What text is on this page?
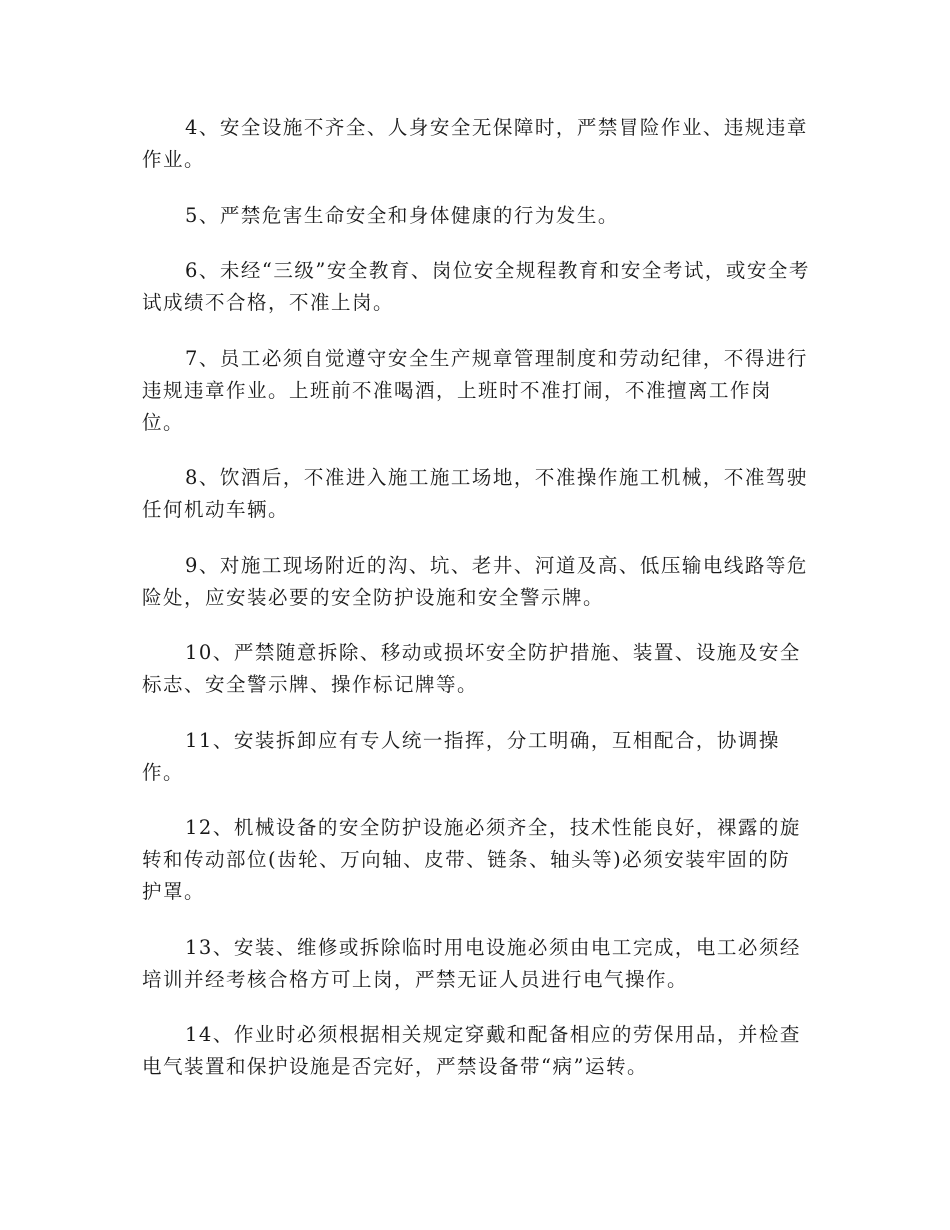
4、安全设施不齐全、人身安全无保障时，严禁冒险作业、违规违章作业。

5、严禁危害生命安全和身体健康的行为发生。

6、未经“三级”安全教育、岗位安全规程教育和安全考试，或安全考试成绩不合格，不准上岗。

7、员工必须自觉遵守安全生产规章管理制度和劳动纪律，不得进行违规违章作业。上班前不准喝酒，上班时不准打闹，不准擅离工作岗位。

8、饮酒后，不准进入施工施工场地，不准操作施工机械，不准驾驶任何机动车辆。

9、对施工现场附近的沟、坑、老井、河道及高、低压输电线路等危险处，应安装必要的安全防护设施和安全警示牌。

10、严禁随意拆除、移动或损坏安全防护措施、装置、设施及安全标志、安全警示牌、操作标记牌等。

11、安装拆卸应有专人统一指挥，分工明确，互相配合，协调操作。

12、机械设备的安全防护设施必须齐全，技术性能良好，裸露的旋转和传动部位(齿轮、万向轴、皮带、链条、轴头等)必须安装牢固的防护罩。

13、安装、维修或拆除临时用电设施必须由电工完成，电工必须经培训并经考核合格方可上岗，严禁无证人员进行电气操作。

14、作业时必须根据相关规定穿戴和配备相应的劳保用品，并检查电气装置和保护设施是否完好，严禁设备带“病”运转。
